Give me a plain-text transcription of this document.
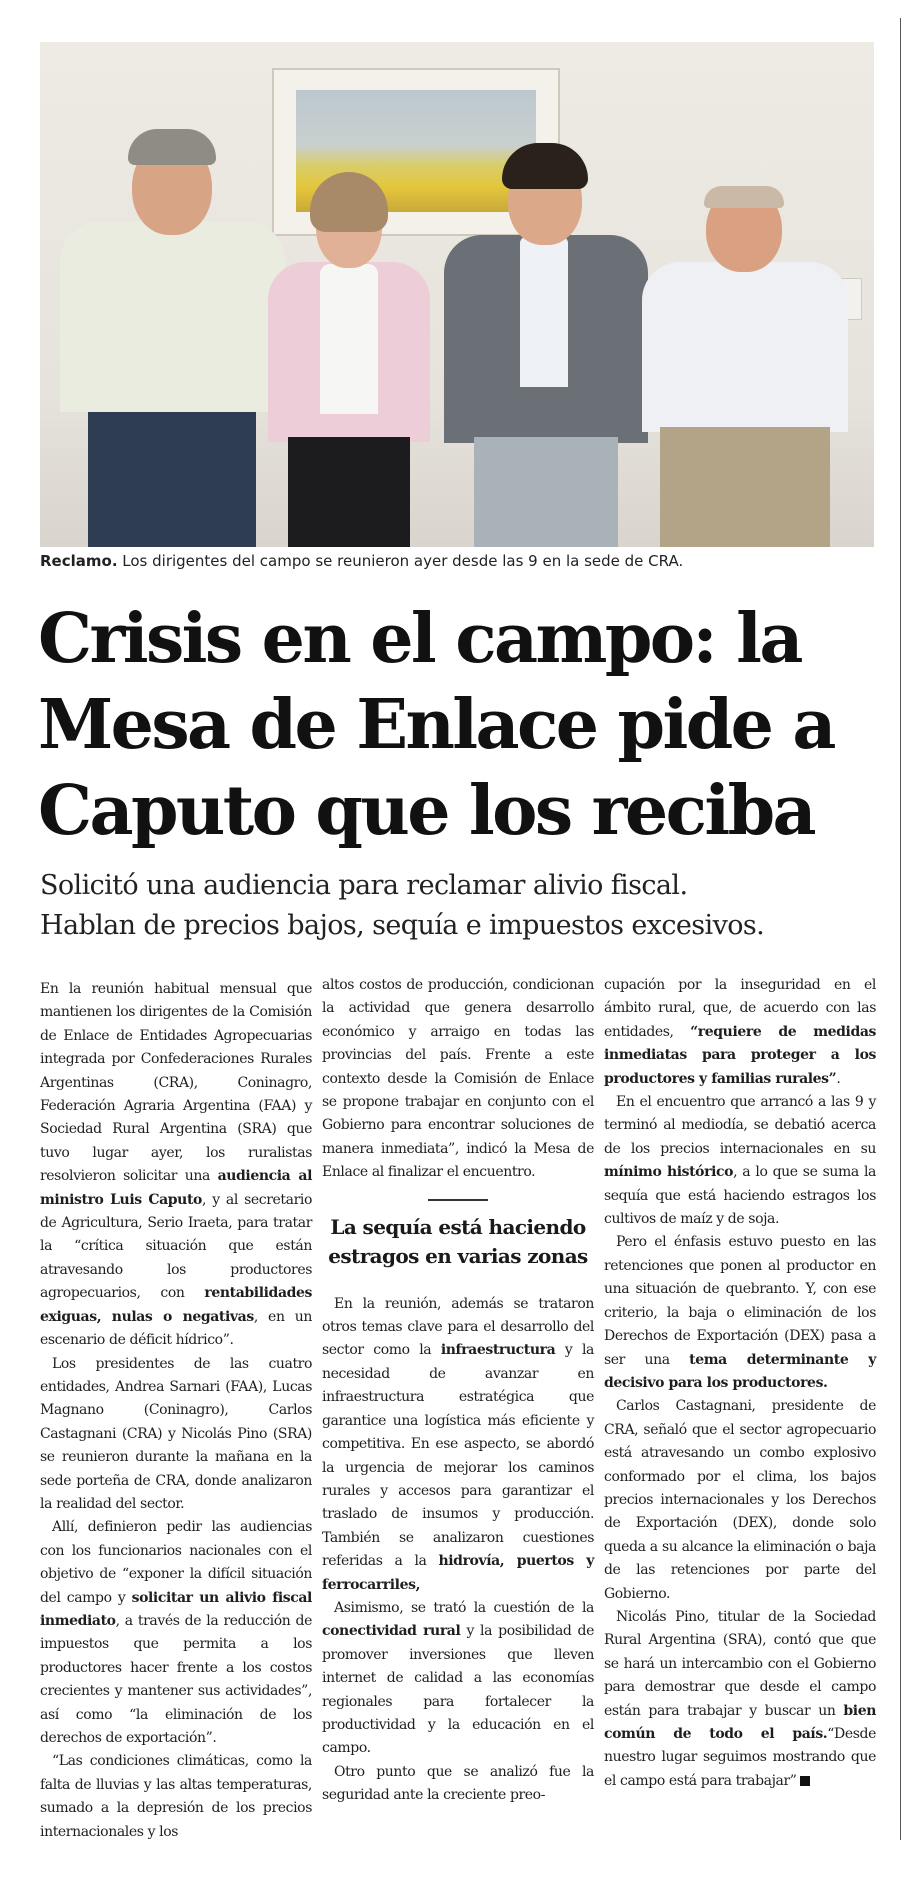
Reclamo. Los dirigentes del campo se reunieron ayer desde las 9 en la sede de CRA.
Crisis en el campo: la
Mesa de Enlace pide a
Caputo que los reciba

Solicitó una audiencia para reclamar alivio fiscal.
Hablan de precios bajos, sequía e impuestos excesivos.

En la reunión habitual mensual que mantienen los dirigentes de la Comisión de Enlace de Entidades Agropecuarias integrada por Confederaciones Rurales Argentinas (CRA), Coninagro, Federación Agraria Argentina (FAA) y Sociedad Rural Argentina (SRA) que tuvo lugar ayer, los ruralistas resolvieron solicitar una audiencia al ministro Luis Caputo, y al secretario de Agricultura, Serio Iraeta, para tratar la “crítica situación que están atravesando los productores agropecuarios, con rentabilidades exiguas, nulas o negativas, en un escenario de déficit hídrico”.

Los presidentes de las cuatro entidades, Andrea Sarnari (FAA), Lucas Magnano (Coninagro), Carlos Castagnani (CRA) y Nicolás Pino (SRA) se reunieron durante la mañana en la sede porteña de CRA, donde analizaron la realidad del sector.

Allí, definieron pedir las audiencias con los funcionarios nacionales con el objetivo de “exponer la difícil situación del campo y solicitar un alivio fiscal inmediato, a través de la reducción de impuestos que permita a los productores hacer frente a los costos crecientes y mantener sus actividades”, así como “la eliminación de los derechos de exportación”.

“Las condiciones climáticas, como la falta de lluvias y las altas temperaturas, sumado a la depresión de los precios internacionales y los

altos costos de producción, condicionan la actividad que genera desarrollo económico y arraigo en todas las provincias del país. Frente a este contexto desde la Comisión de Enlace se propone trabajar en conjunto con el Gobierno para encontrar soluciones de manera inmediata”, indicó la Mesa de Enlace al finalizar el encuentro.

La sequía está haciendo estragos en varias zonas

En la reunión, además se trataron otros temas clave para el desarrollo del sector como la infraestructura y la necesidad de avanzar en infraestructura estratégica que garantice una logística más eficiente y competitiva. En ese aspecto, se abordó la urgencia de mejorar los caminos rurales y accesos para garantizar el traslado de insumos y producción. También se analizaron cuestiones referidas a la hidrovía, puertos y ferrocarriles,

Asimismo, se trató la cuestión de la conectividad rural y la posibilidad de promover inversiones que lleven internet de calidad a las economías regionales para fortalecer la productividad y la educación en el campo.

Otro punto que se analizó fue la seguridad ante la creciente preo-

cupación por la inseguridad en el ámbito rural, que, de acuerdo con las entidades, “requiere de medidas inmediatas para proteger a los productores y familias rurales”.

En el encuentro que arrancó a las 9 y terminó al mediodía, se debatió acerca de los precios internacionales en su mínimo histórico, a lo que se suma la sequía que está haciendo estragos los cultivos de maíz y de soja.

Pero el énfasis estuvo puesto en las retenciones que ponen al productor en una situación de quebranto. Y, con ese criterio, la baja o eliminación de los Derechos de Exportación (DEX) pasa a ser una tema determinante y decisivo para los productores.

Carlos Castagnani, presidente de CRA, señaló que el sector agropecuario está atravesando un combo explosivo conformado por el clima, los bajos precios internacionales y los Derechos de Exportación (DEX), donde solo queda a su alcance la eliminación o baja de las retenciones por parte del Gobierno.

Nicolás Pino, titular de la Sociedad Rural Argentina (SRA), contó que que se hará un intercambio con el Gobierno para demostrar que desde el campo están para trabajar y buscar un bien común de todo el país.“Desde nuestro lugar seguimos mostrando que el campo está para trabajar”
